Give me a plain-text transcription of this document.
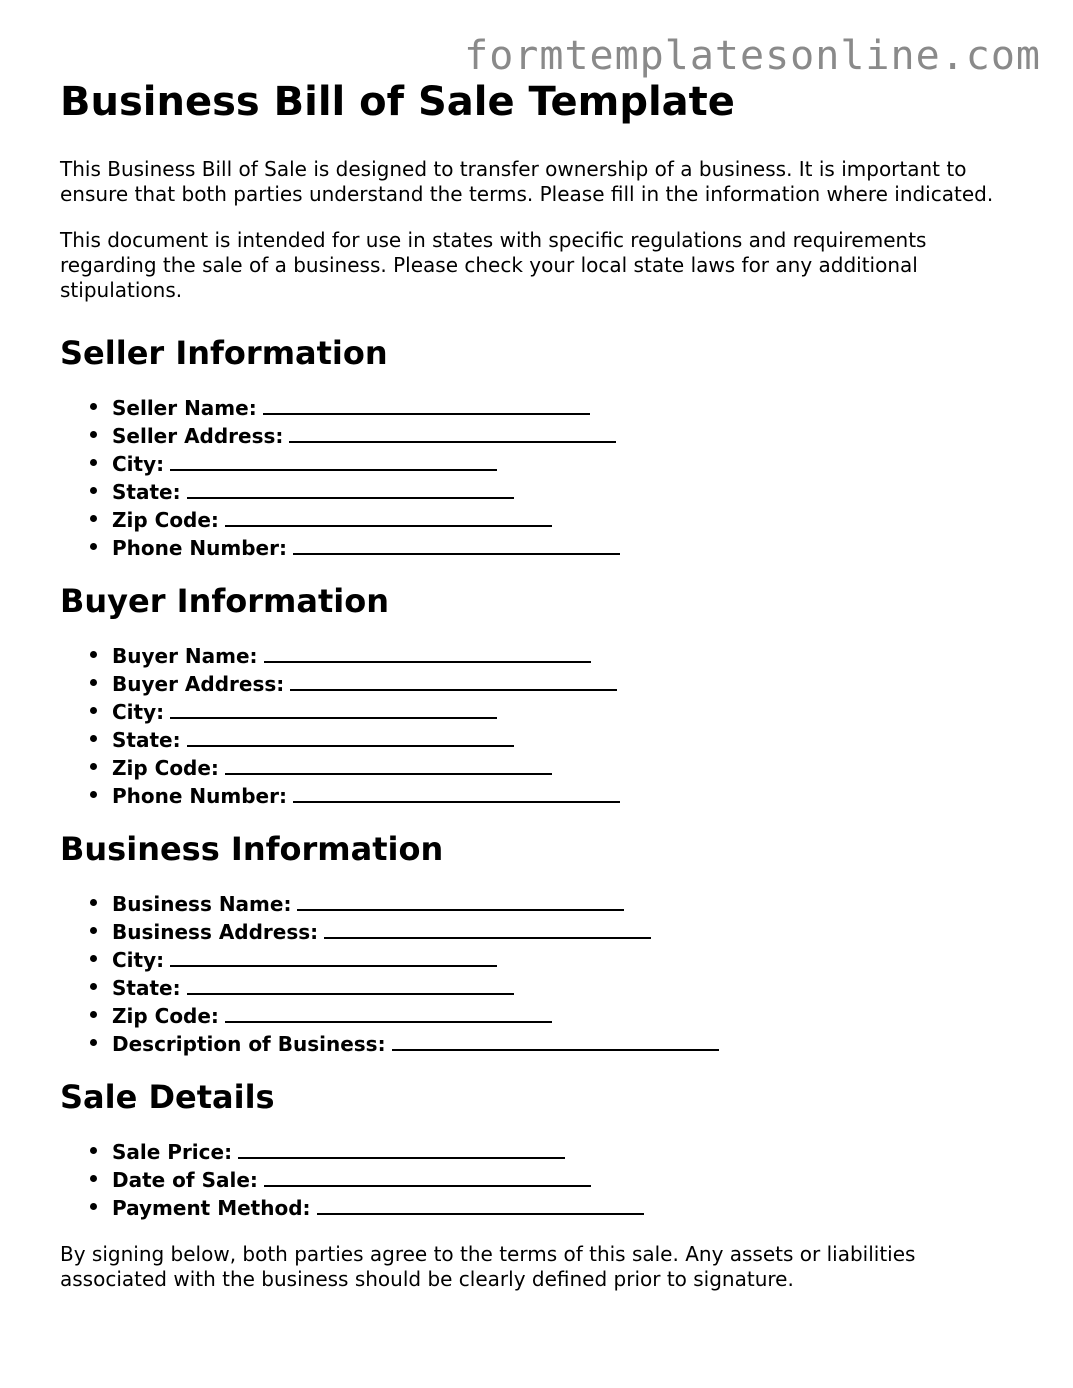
formtemplatesonline.com
Business Bill of Sale Template

This Business Bill of Sale is designed to transfer ownership of a business. It is important to ensure that both parties understand the terms. Please fill in the information where indicated.

This document is intended for use in states with specific regulations and requirements regarding the sale of a business. Please check your local state laws for any additional stipulations.

Seller Information
Seller Name:
Seller Address:
City:
State:
Zip Code:
Phone Number:
Buyer Information
Buyer Name:
Buyer Address:
City:
State:
Zip Code:
Phone Number:
Business Information
Business Name:
Business Address:
City:
State:
Zip Code:
Description of Business:
Sale Details
Sale Price:
Date of Sale:
Payment Method:

By signing below, both parties agree to the terms of this sale. Any assets or liabilities associated with the business should be clearly defined prior to signature.
